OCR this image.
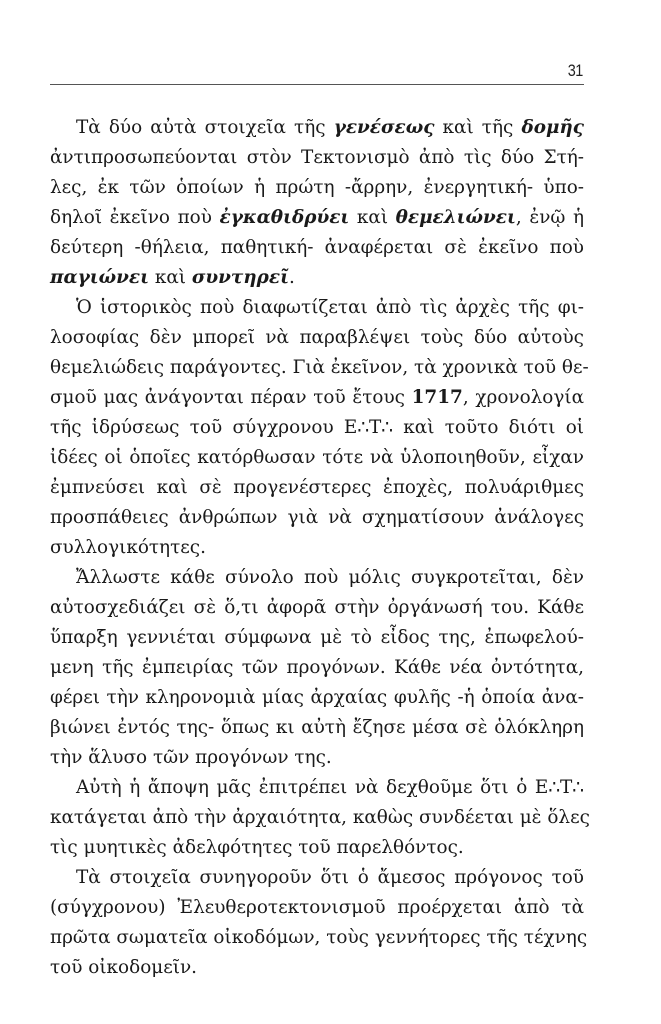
31
Τὰ δύο αὐτὰ στοιχεῖα τῆς γενέσεως καὶ τῆς δομῆς
ἀντιπροσωπεύονται στὸν Τεκτονισμὸ ἀπὸ τὶς δύο Στή-
λες, ἐκ τῶν ὁποίων ἡ πρώτη -ἄρρην, ἐνεργητική- ὑπο-
δηλοῖ ἐκεῖνο ποὺ ἐγκαθιδρύει καὶ θεμελιώνει, ἐνῷ ἡ
δεύτερη -θήλεια, παθητική- ἀναφέρεται σὲ ἐκεῖνο ποὺ
παγιώνει καὶ συντηρεῖ.
Ὁ ἱστορικὸς ποὺ διαφωτίζεται ἀπὸ τὶς ἀρχὲς τῆς φι-
λοσοφίας δὲν μπορεῖ νὰ παραβλέψει τοὺς δύο αὐτοὺς
θεμελιώδεις παράγοντες. Γιὰ ἐκεῖνον, τὰ χρονικὰ τοῦ θε-
σμοῦ μας ἀνάγονται πέραν τοῦ ἔτους 1717, χρονολογία
τῆς ἱδρύσεως τοῦ σύγχρονου Ε∴Τ∴ καὶ τοῦτο διότι οἱ
ἰδέες οἱ ὁποῖες κατόρθωσαν τότε νὰ ὑλοποιηθοῦν, εἶχαν
ἐμπνεύσει καὶ σὲ προγενέστερες ἐποχὲς, πολυάριθμες
προσπάθειες ἀνθρώπων γιὰ νὰ σχηματίσουν ἀνάλογες
συλλογικότητες.
Ἄλλωστε κάθε σύνολο ποὺ μόλις συγκροτεῖται, δὲν
αὐτοσχεδιάζει σὲ ὅ,τι ἀφορᾶ στὴν ὀργάνωσή του. Κάθε
ὕπαρξη γεννιέται σύμφωνα μὲ τὸ εἶδος της, ἐπωφελού-
μενη τῆς ἐμπειρίας τῶν προγόνων. Κάθε νέα ὀντότητα,
φέρει τὴν κληρονομιὰ μίας ἀρχαίας φυλῆς -ἡ ὁποία ἀνα-
βιώνει ἐντός της- ὅπως κι αὐτὴ ἔζησε μέσα σὲ ὁλόκληρη
τὴν ἅλυσο τῶν προγόνων της.
Αὐτὴ ἡ ἄποψη μᾶς ἐπιτρέπει νὰ δεχθοῦμε ὅτι ὁ Ε∴Τ∴
κατάγεται ἀπὸ τὴν ἀρχαιότητα, καθὼς συνδέεται μὲ ὅλες
τὶς μυητικὲς ἀδελφότητες τοῦ παρελθόντος.
Τὰ στοιχεῖα συνηγοροῦν ὅτι ὁ ἄμεσος πρόγονος τοῦ
(σύγχρονου) Ἐλευθεροτεκτονισμοῦ προέρχεται ἀπὸ τὰ
πρῶτα σωματεῖα οἰκοδόμων, τοὺς γεννήτορες τῆς τέχνης
τοῦ οἰκοδομεῖν.
